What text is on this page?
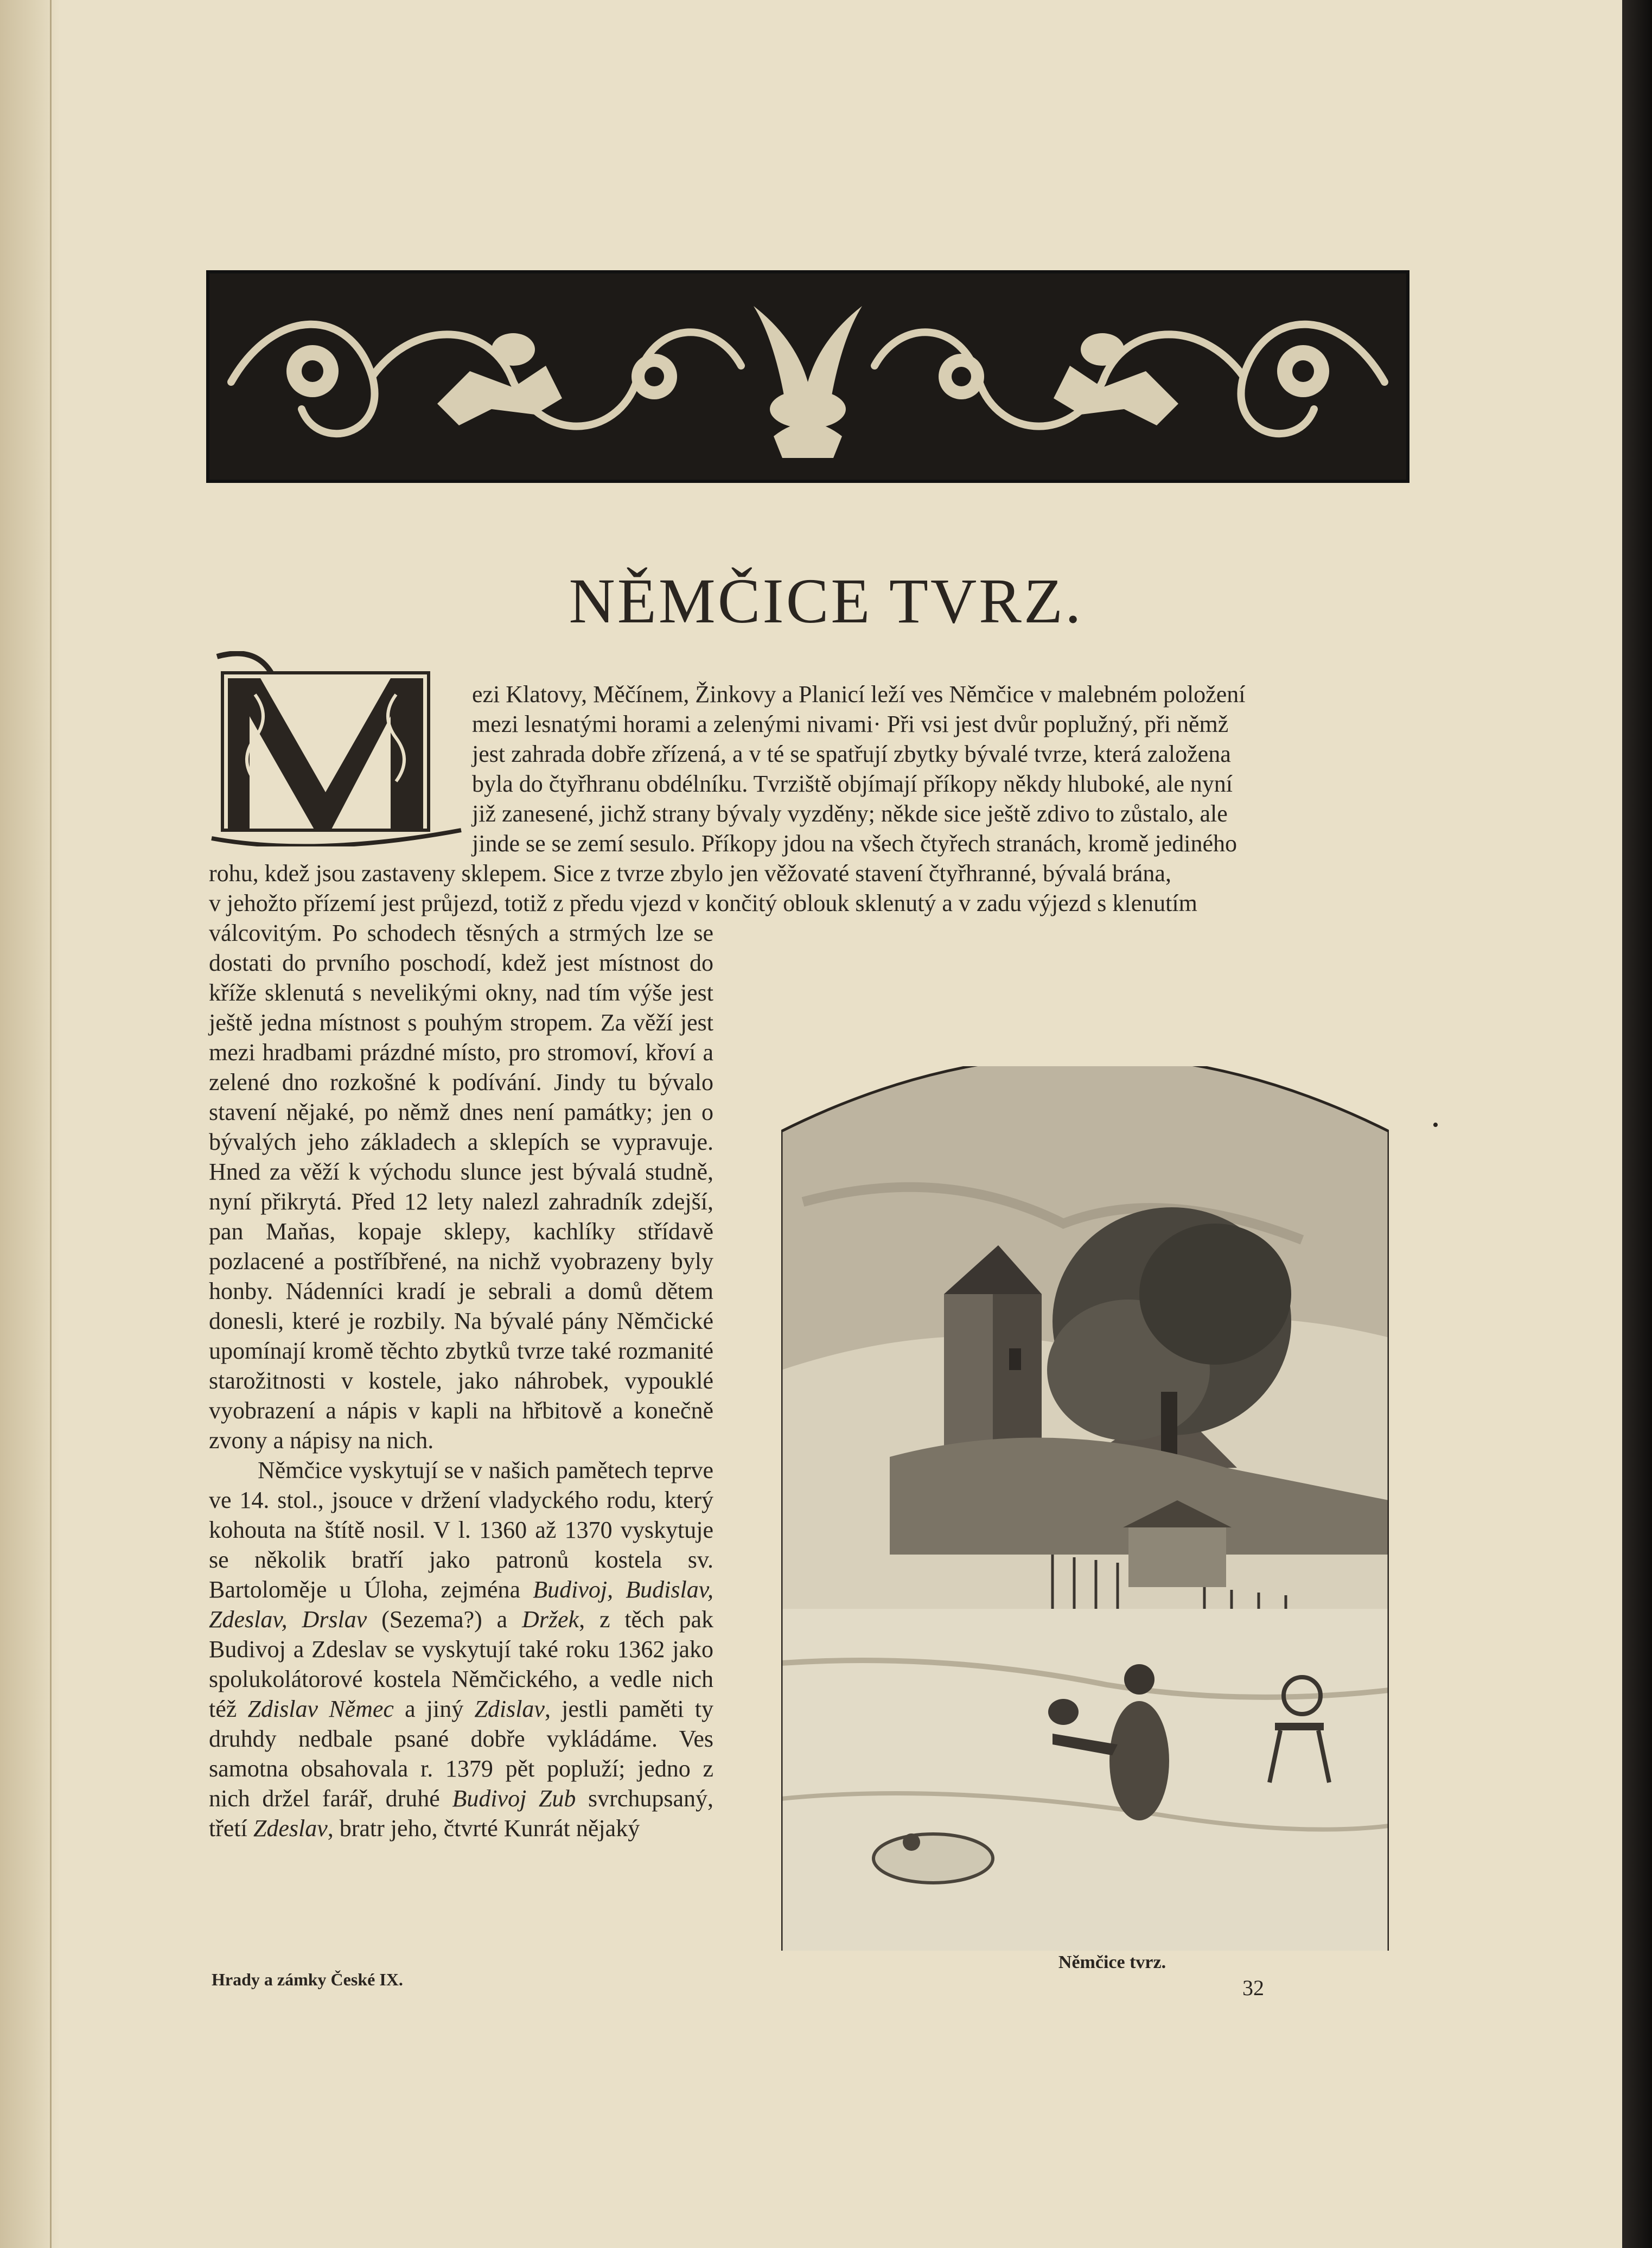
NĚMČICE TVRZ.
M

ezi Klatovy, Měčínem, Žinkovy a Planicí leží ves Němčice v malebném položení

mezi lesnatými horami a zelenými nivami· Při vsi jest dvůr poplužný, při němž

jest zahrada dobře zřízená, a v té se spatřují zbytky bývalé tvrze, která založena

byla do čtyřhranu obdélníku. Tvrziště objímají příkopy někdy hluboké, ale nyní

již zanesené, jichž strany bývaly vyzděny; někde sice ještě zdivo to zůstalo, ale

jinde se se zemí sesulo. Příkopy jdou na všech čtyřech stranách, kromě jediného

rohu, kdež jsou zastaveny sklepem. Sice z tvrze zbylo jen věžovaté stavení čtyřhranné, bývalá brána,

v jehožto přízemí jest průjezd, totiž z předu vjezd v končitý oblouk sklenutý a v zadu výjezd s klenutím

válcovitým. Po schodech těsných a strmých lze se dostati do prvního poschodí, kdež jest místnost do kříže sklenutá s nevelikými okny, nad tím výše jest ještě jedna místnost s pouhým stropem. Za věží jest mezi hradbami prázdné místo, pro stromoví, křoví a zelené dno rozkošné k podívání. Jindy tu bývalo stavení nějaké, po němž dnes není památky; jen o bývalých jeho základech a sklepích se vypravuje. Hned za věží k východu slunce jest bývalá studně, nyní přikrytá. Před 12 lety nalezl zahradník zdejší, pan Maňas, kopaje sklepy, kachlíky střídavě pozlacené a postříbřené, na nichž vyobrazeny byly honby. Nádenníci kradí je sebrali a domů dětem donesli, které je rozbily. Na bývalé pány Němčické upomínají kromě těchto zbytků tvrze také rozmanité starožitnosti v kostele, jako náhrobek, vypouklé vyobrazení a nápis v kapli na hřbitově a konečně zvony a nápisy na nich.

Němčice vyskytují se v našich pamětech teprve ve 14. stol., jsouce v držení vladyckého rodu, který kohouta na štítě nosil. V l. 1360 až 1370 vyskytuje se několik bratří jako patronů kostela sv. Bartoloměje u Úloha, zejména Budivoj, Budislav, Zdeslav, Drslav (Sezema?) a Držek, z těch pak Budivoj a Zdeslav se vyskytují také roku 1362 jako spolukolátorové kostela Němčického, a vedle nich též Zdislav Němec a jiný Zdislav, jestli paměti ty druhdy nedbale psané dobře vykládáme. Ves samotna obsahovala r. 1379 pět popluží; jedno z nich držel farář, druhé Budivoj Zub svrchupsaný, třetí Zdeslav, bratr jeho, čtvrté Kunrát nějaký

Němčice tvrz.

Hrady a zámky České IX.	32

•
